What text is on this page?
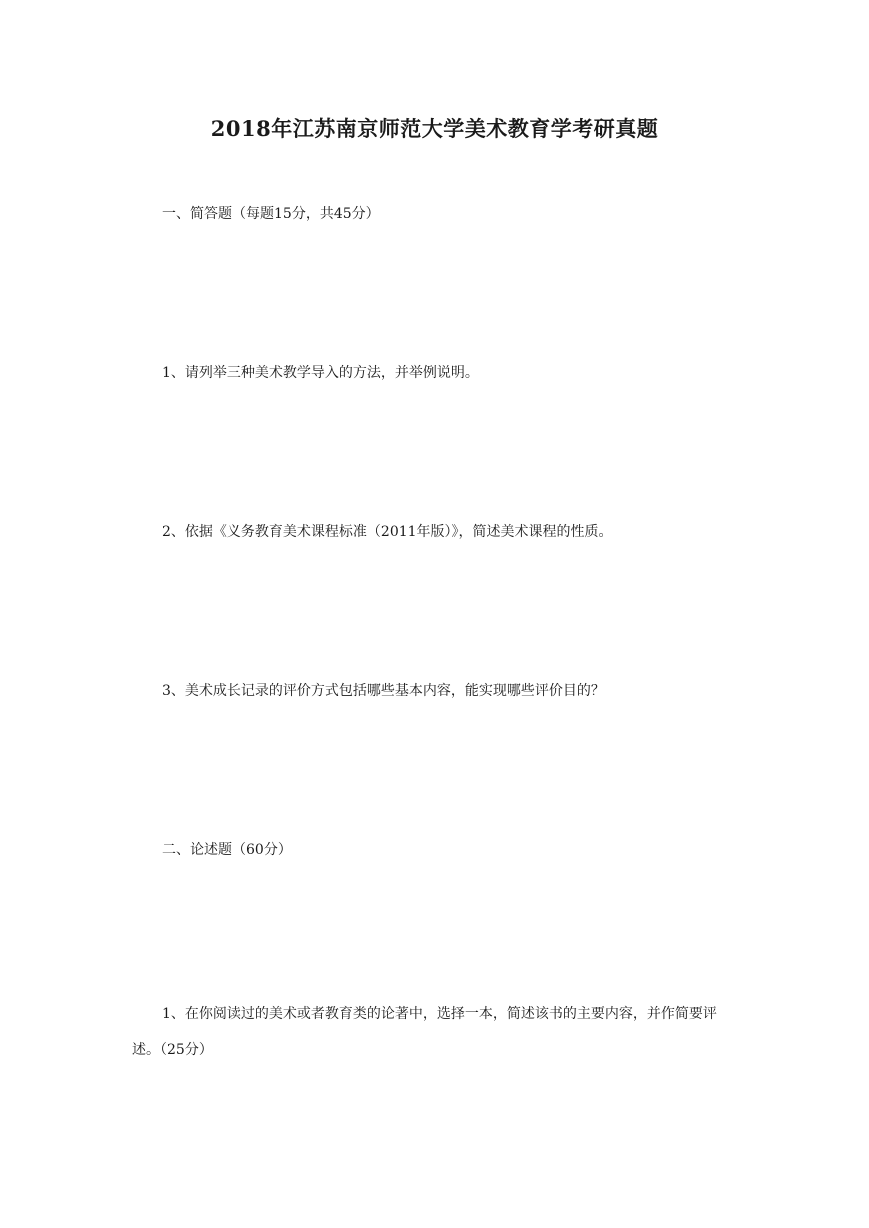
2018年江苏南京师范大学美术教育学考研真题
一、简答题（每题15分，共45分）
1、请列举三种美术教学导入的方法，并举例说明。
2、依据《义务教育美术课程标准（2011年版）》，简述美术课程的性质。
3、美术成长记录的评价方式包括哪些基本内容，能实现哪些评价目的？
二、论述题（60分）
1、在你阅读过的美术或者教育类的论著中，选择一本，简述该书的主要内容，并作简要评述。（25分）
